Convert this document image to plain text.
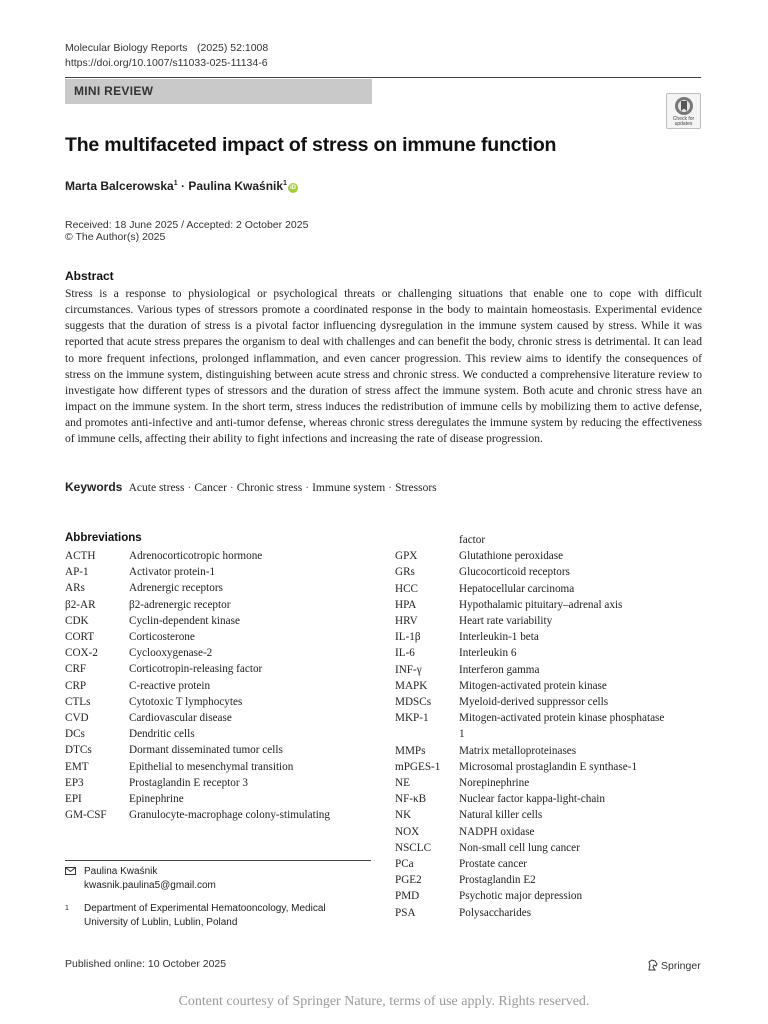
Molecular Biology Reports (2025) 52:1008
https://doi.org/10.1007/s11033-025-11134-6
MINI REVIEW
Check for updates
The multifaceted impact of stress on immune function
Marta Balcerowska$^1$ · Paulina Kwaśnik$^1$iD
Received: 18 June 2025 / Accepted: 2 October 2025
© The Author(s) 2025
Abstract
Stress is a response to physiological or psychological threats or challenging situations that enable one to cope with difficult circumstances. Various types of stressors promote a coordinated response in the body to maintain homeostasis. Experimental evidence suggests that the duration of stress is a pivotal factor influencing dysregulation in the immune system caused by stress. While it was reported that acute stress prepares the organism to deal with challenges and can benefit the body, chronic stress is detrimental. It can lead to more frequent infections, prolonged inflammation, and even cancer progression. This review aims to identify the consequences of stress on the immune system, distinguishing between acute stress and chronic stress. We conducted a comprehensive literature review to investigate how different types of stressors and the duration of stress affect the immune system. Both acute and chronic stress have an impact on the immune system. In the short term, stress induces the redistribution of immune cells by mobilizing them to active defense, and promotes anti-infective and anti-tumor defense, whereas chronic stress deregulates the immune system by reducing the effectiveness of immune cells, affecting their ability to fight infections and increasing the rate of disease progression.
Keywords Acute stress · Cancer · Chronic stress · Immune system · Stressors
Abbreviations
ACTH	Adrenocorticotropic hormone
AP-1	Activator protein-1
ARs	Adrenergic receptors
β2-AR	β2-adrenergic receptor
CDK	Cyclin-dependent kinase
CORT	Corticosterone
COX-2	Cyclooxygenase-2
CRF	Corticotropin-releasing factor
CRP	C-reactive protein
CTLs	Cytotoxic T lymphocytes
CVD	Cardiovascular disease
DCs	Dendritic cells
DTCs	Dormant disseminated tumor cells
EMT	Epithelial to mesenchymal transition
EP3	Prostaglandin E receptor 3
EPI	Epinephrine
GM-CSF	Granulocyte-macrophage colony-stimulating
factor
GPX	Glutathione peroxidase
GRs	Glucocorticoid receptors
HCC	Hepatocellular carcinoma
HPA	Hypothalamic pituitary–adrenal axis
HRV	Heart rate variability
IL-1β	Interleukin-1 beta
IL-6	Interleukin 6
INF-γ	Interferon gamma
MAPK	Mitogen-activated protein kinase
MDSCs	Myeloid-derived suppressor cells
MKP-1	Mitogen-activated protein kinase phosphatase
1
MMPs	Matrix metalloproteinases
mPGES-1	Microsomal prostaglandin E synthase-1
NE	Norepinephrine
NF-κB	Nuclear factor kappa-light-chain
NK	Natural killer cells
NOX	NADPH oxidase
NSCLC	Non-small cell lung cancer
PCa	Prostate cancer
PGE2	Prostaglandin E2
PMD	Psychotic major depression
PSA	Polysaccharides
Paulina Kwaśnik
kwasnik.paulina5@gmail.com
1	Department of Experimental Hematooncology, Medical
University of Lublin, Lublin, Poland
Published online: 10 October 2025	Springer
Content courtesy of Springer Nature, terms of use apply. Rights reserved.
